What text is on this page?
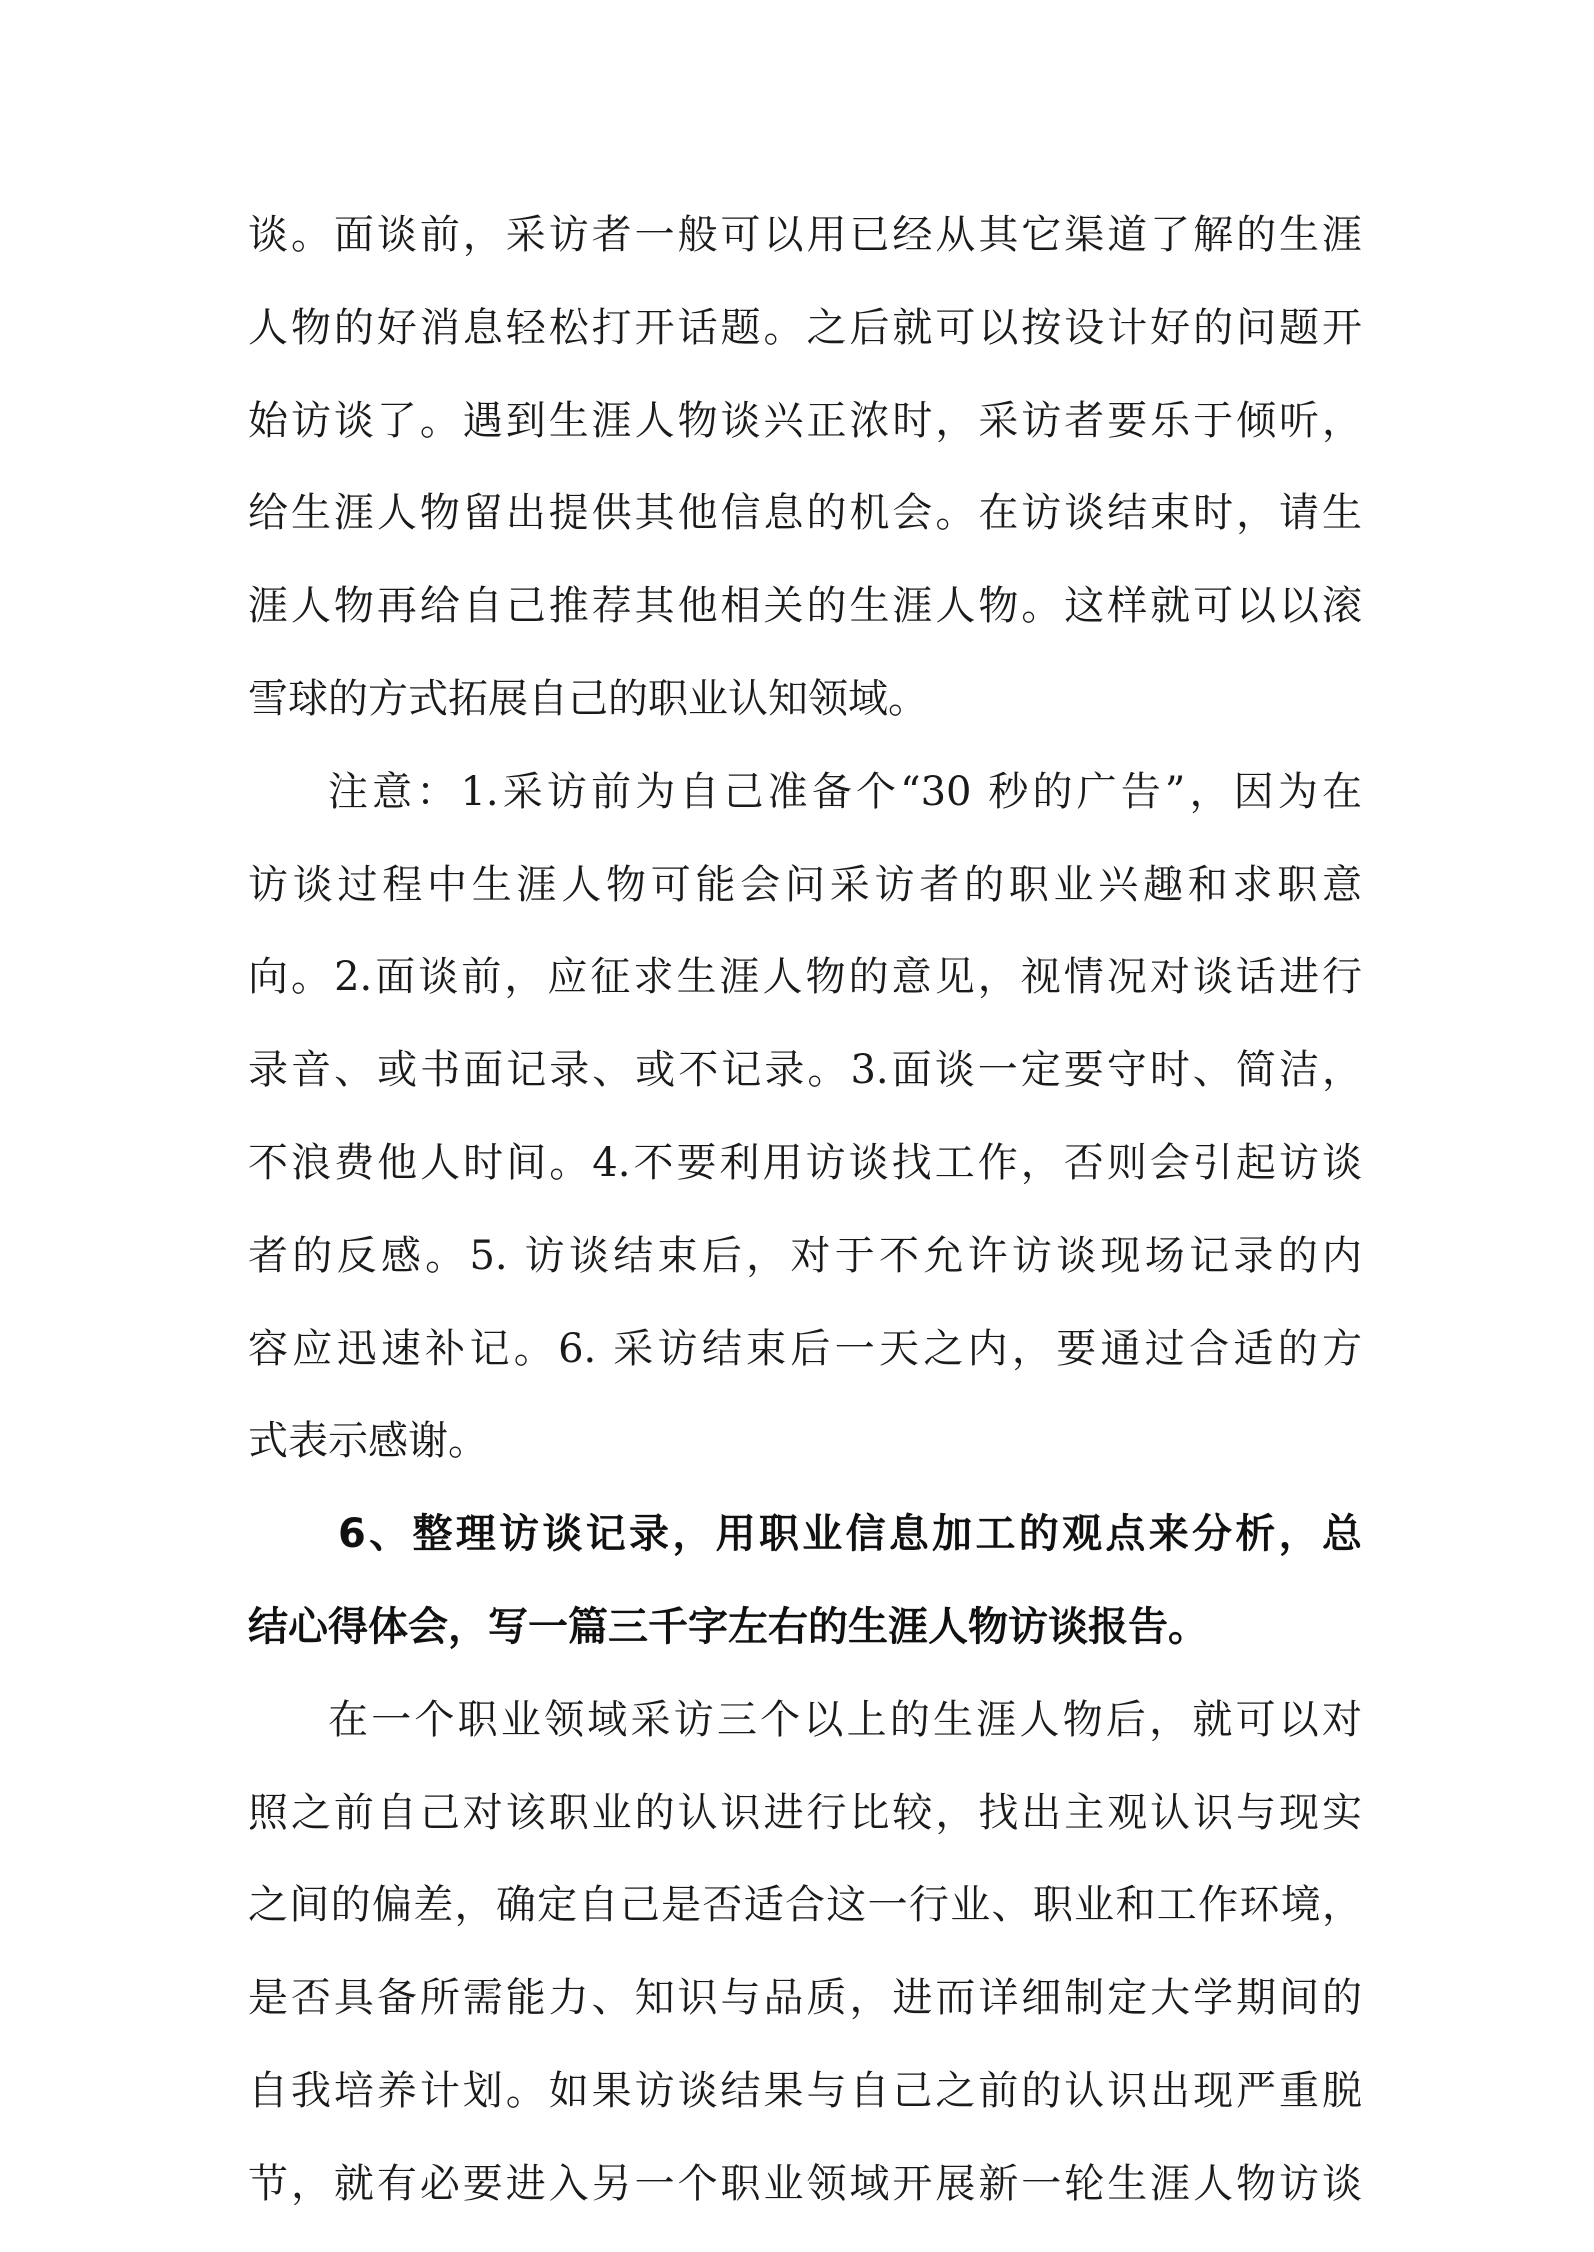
谈。面谈前，采访者一般可以用已经从其它渠道了解的生涯
人物的好消息轻松打开话题。之后就可以按设计好的问题开
始访谈了。遇到生涯人物谈兴正浓时，采访者要乐于倾听，
给生涯人物留出提供其他信息的机会。在访谈结束时，请生
涯人物再给自己推荐其他相关的生涯人物。这样就可以以滚
雪球的方式拓展自己的职业认知领域。
注意：1.采访前为自己准备个“30 秒的广告”，因为在
访谈过程中生涯人物可能会问采访者的职业兴趣和求职意
向。2.面谈前，应征求生涯人物的意见，视情况对谈话进行
录音、或书面记录、或不记录。3.面谈一定要守时、简洁，
不浪费他人时间。4.不要利用访谈找工作，否则会引起访谈
者的反感。5. 访谈结束后，对于不允许访谈现场记录的内
容应迅速补记。6. 采访结束后一天之内，要通过合适的方
式表示感谢。
6、整理访谈记录，用职业信息加工的观点来分析，总
结心得体会，写一篇三千字左右的生涯人物访谈报告。
在一个职业领域采访三个以上的生涯人物后，就可以对
照之前自己对该职业的认识进行比较，找出主观认识与现实
之间的偏差，确定自己是否适合这一行业、职业和工作环境，
是否具备所需能力、知识与品质，进而详细制定大学期间的
自我培养计划。如果访谈结果与自己之前的认识出现严重脱
节，就有必要进入另一个职业领域开展新一轮生涯人物访谈
